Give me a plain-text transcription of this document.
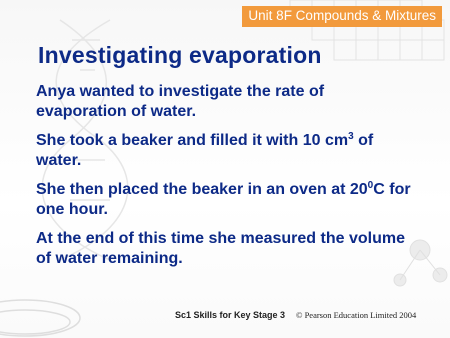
Unit 8F Compounds & Mixtures
Investigating evaporation

Anya wanted to investigate the rate of evaporation of water.

She took a beaker and filled it with 10 $cm^3$ of water.

She then placed the beaker in an oven at $20^0C$ for one hour.

At the end of this time she measured the volume of water remaining.

Sc1 Skills for Key Stage 3 © Pearson Education Limited 2004
